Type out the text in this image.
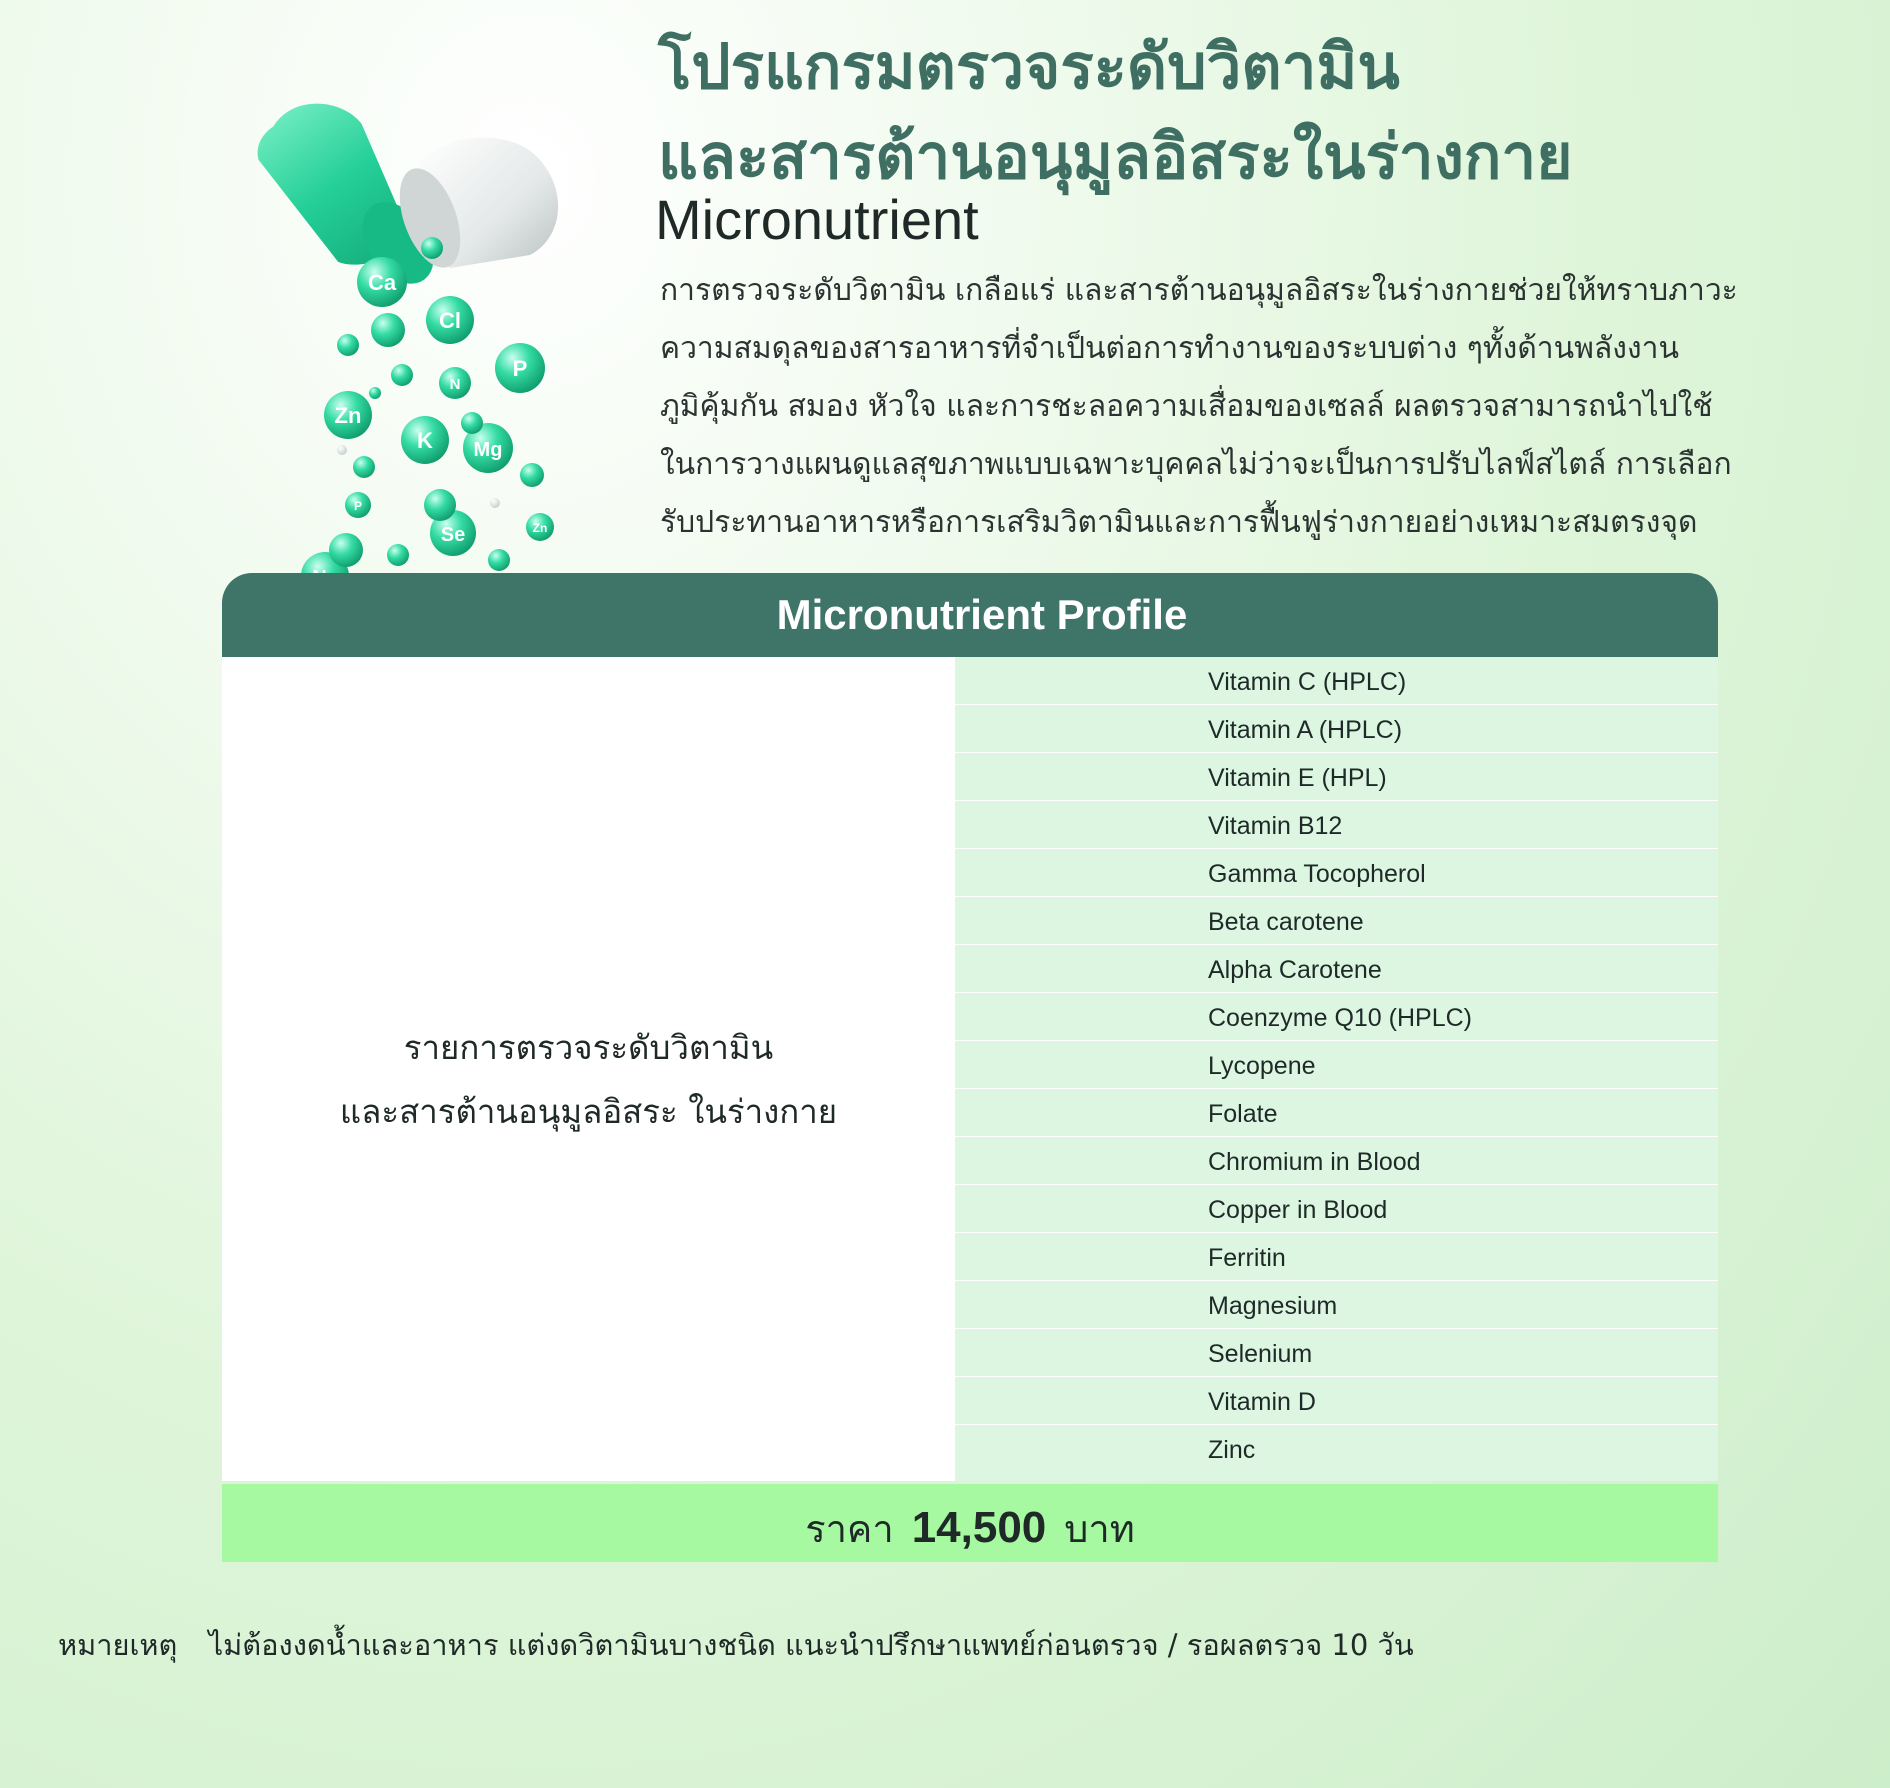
โปรแกรมตรวจระดับวิตามิน
และสารต้านอนุมูลอิสระในร่างกาย
Micronutrient
การตรวจระดับวิตามิน เกลือแร่ และสารต้านอนุมูลอิสระในร่างกายช่วยให้ทราบภาวะ
ความสมดุลของสารอาหารที่จำเป็นต่อการทำงานของระบบต่าง ๆทั้งด้านพลังงาน
ภูมิคุ้มกัน สมอง หัวใจ และการชะลอความเสื่อมของเซลล์ ผลตรวจสามารถนำไปใช้
ในการวางแผนดูแลสุขภาพแบบเฉพาะบุคคลไม่ว่าจะเป็นการปรับไลฟ์สไตล์ การเลือก
รับประทานอาหารหรือการเสริมวิตามินและการฟื้นฟูร่างกายอย่างเหมาะสมตรงจุด
Ca
Cl
P
N
Zn
K Mg
P
Se	Zn
Micronutrient Profile
รายการตรวจระดับวิตามิน
และสารต้านอนุมูลอิสระ ในร่างกาย
Vitamin C (HPLC)
Vitamin A (HPLC)
Vitamin E (HPL)
Vitamin B12
Gamma Tocopherol
Beta carotene
Alpha Carotene
Coenzyme Q10 (HPLC)
Lycopene
Folate
Chromium in Blood
Copper in Blood
Ferritin
Magnesium
Selenium
Vitamin D
Zinc
ราคา 14,500 บาท
หมายเหตุ ไม่ต้องงดน้ำและอาหาร แต่งดวิตามินบางชนิด แนะนำปรึกษาแพทย์ก่อนตรวจ / รอผลตรวจ 10 วัน
